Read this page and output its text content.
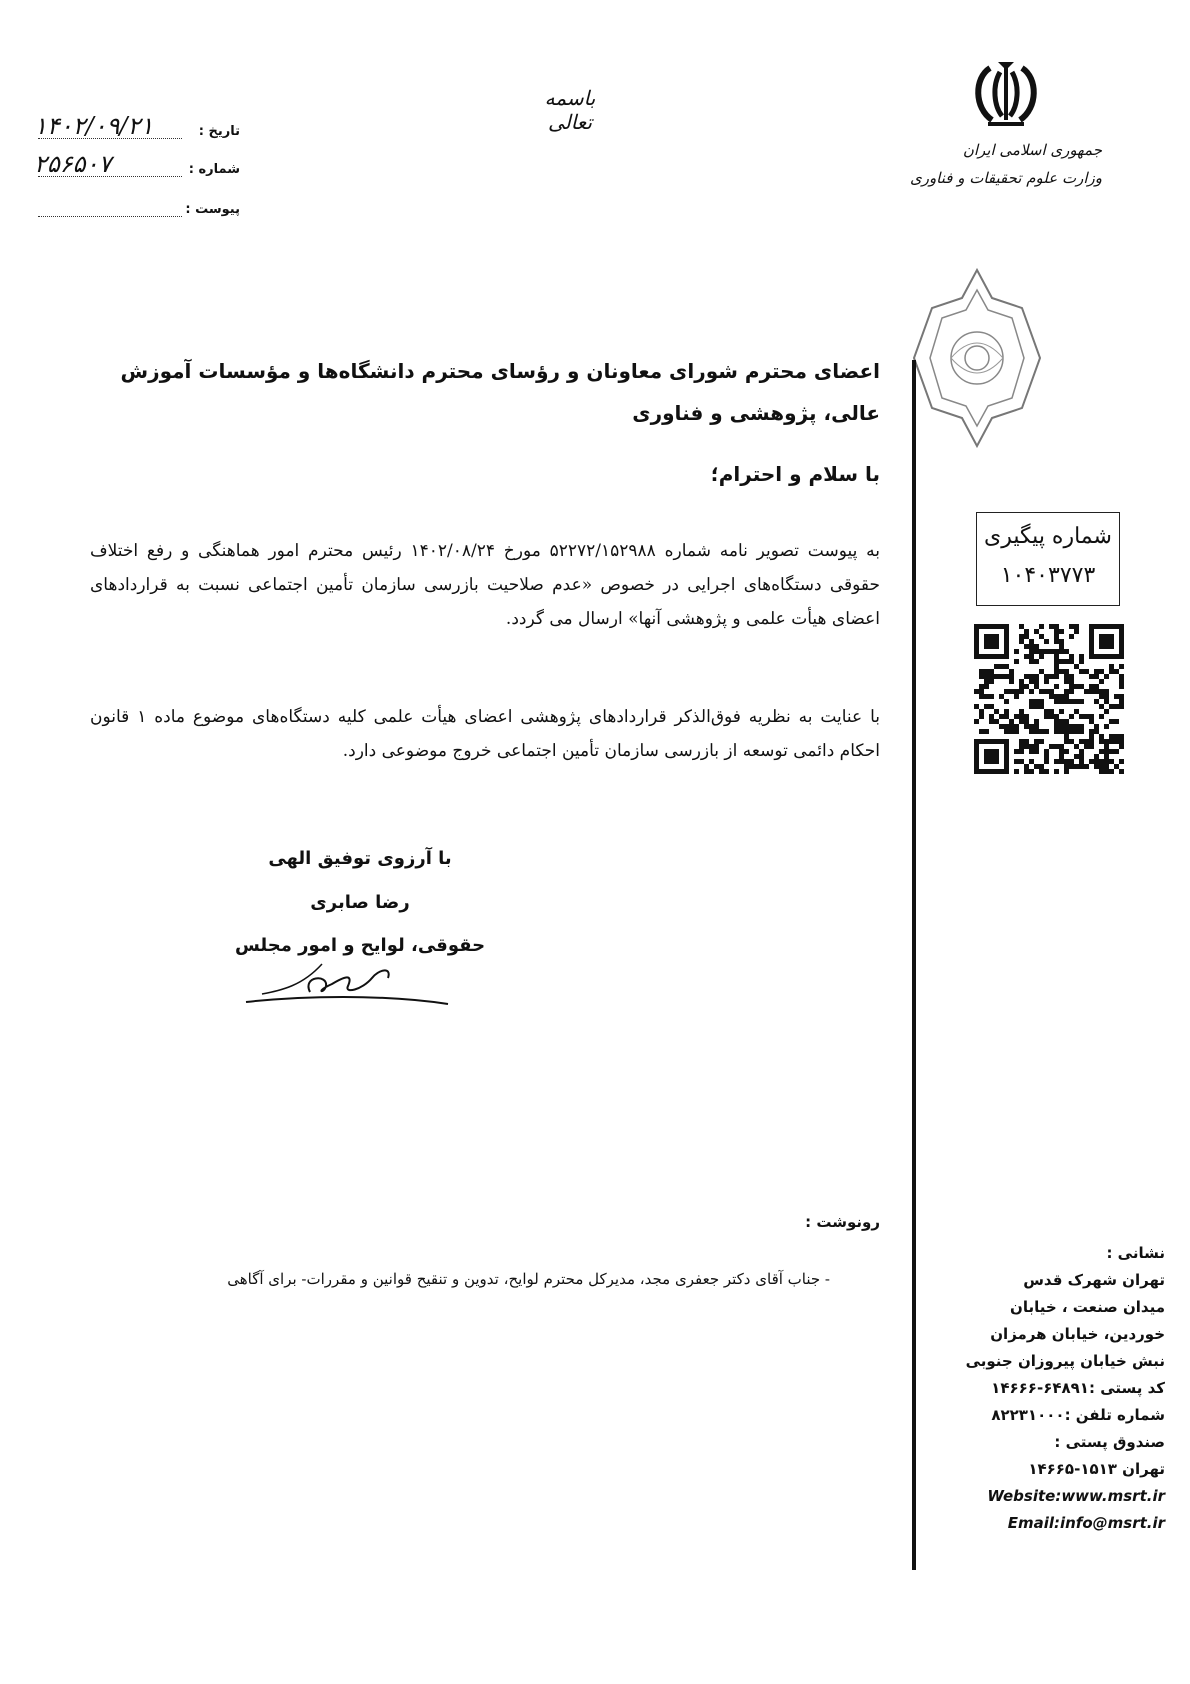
باسمه تعالی
تاریخ :
۱۴۰۲/۰۹/۲۱
شماره :
۲۵۶۵۰۷
پیوست :
جمهوری اسلامی ایران
وزارت علوم تحقیقات و فناوری
شماره پیگیری
۱۰۴۰۳۷۷۳
اعضای محترم شورای معاونان و رؤسای محترم دانشگاه‌ها و مؤسسات آموزش عالی، پژوهشی و فناوری
با سلام و احترام؛
به پیوست تصویر نامه شماره ۵۲۲۷۲/۱۵۲۹۸۸ مورخ ۱۴۰۲/۰۸/۲۴ رئیس محترم امور هماهنگی و رفع اختلاف حقوقی دستگاه‌های اجرایی در خصوص «عدم صلاحیت بازرسی سازمان تأمین اجتماعی نسبت به قراردادهای اعضای هیأت علمی و پژوهشی آنها» ارسال می گردد.
با عنایت به نظریه فوق‌الذکر قراردادهای پژوهشی اعضای هیأت علمی کلیه دستگاه‌های موضوع ماده ۱ قانون احکام دائمی توسعه از بازرسی سازمان تأمین اجتماعی خروج موضوعی دارد.
با آرزوی توفیق الهی
رضا صابری
حقوقی، لوایح و امور مجلس
رونوشت :
- جناب آقای دکتر جعفری مجد، مدیرکل محترم لوایح، تدوین و تنقیح قوانین و مقررات- برای آگاهی
نشانی :
تهران شهرک قدس
میدان صنعت ، خیابان
خوردین، خیابان هرمزان
نبش خیابان پیروزان جنوبی
کد پستی :۶۴۸۹۱-۱۴۶۶۶
شماره تلفن :۸۲۲۳۱۰۰۰
صندوق پستی :
تهران ۱۵۱۳-۱۴۶۶۵
Website:www.msrt.ir
Email:info@msrt.ir
